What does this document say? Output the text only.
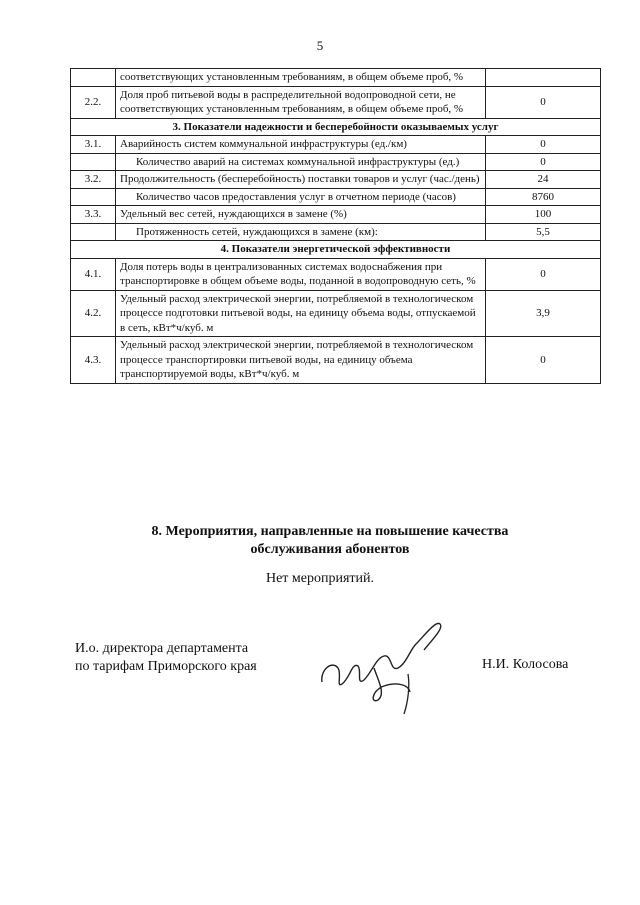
5
	соответствующих установленным требованиям, в общем объеме проб, %	
2.2.	Доля проб питьевой воды в распределительной водопроводной сети, не соответствующих установленным требованиям, в общем объеме проб, %	0
3. Показатели надежности и бесперебойности оказываемых услуг		
3.1.	Аварийность систем коммунальной инфраструктуры (ед./км)	0
	Количество аварий на системах коммунальной инфраструктуры (ед.)	0
3.2.	Продолжительность (бесперебойность) поставки товаров и услуг (час./день)	24
	Количество часов предоставления услуг в отчетном периоде (часов)	8760
3.3.	Удельный вес сетей, нуждающихся в замене (%)	100
	Протяженность сетей, нуждающихся в замене (км):	5,5
4. Показатели энергетической эффективности		
4.1.	Доля потерь воды в централизованных системах водоснабжения при транспортировке в общем объеме воды, поданной в водопроводную сеть, %	0
4.2.	Удельный расход электрической энергии, потребляемой в технологическом процессе подготовки питьевой воды, на единицу объема воды, отпускаемой в сеть, кВт*ч/куб. м	3,9
4.3.	Удельный расход электрической энергии, потребляемой в технологическом процессе транспортировки питьевой воды, на единицу объема транспортируемой воды, кВт*ч/куб. м	0
8. Мероприятия, направленные на повышение качества
обслуживания абонентов
Нет мероприятий.
И.о. директора департамента
по тарифам Приморского края	Н.И. Колосова
